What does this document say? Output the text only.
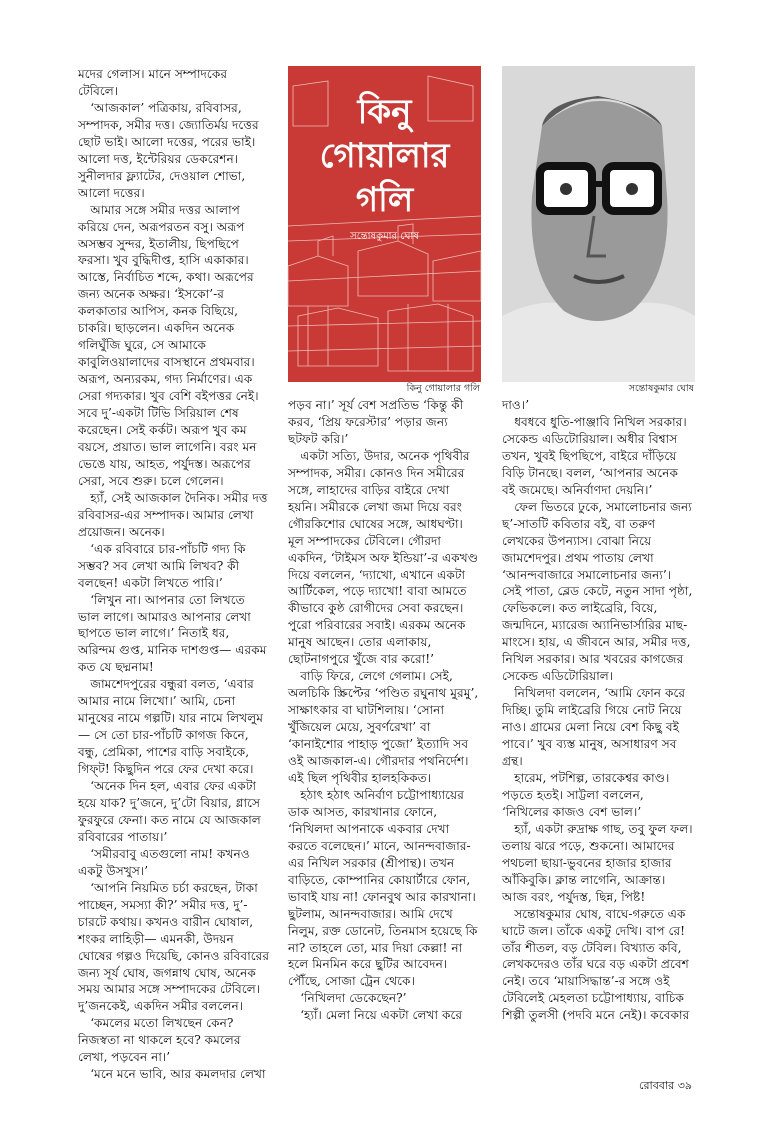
মদের গেলাস। মানে সম্পাদকের টেবিলে।

‘আজকাল’ পত্রিকায়, রবিবাসর, সম্পাদক, সমীর দত্ত। জ্যোতির্ময় দত্তের ছোট ভাই। আলো দত্তের, পরের ভাই। আলো দত্ত, ইন্টেরিয়র ডেকরেশন। সুনীলদার ফ্ল্যাটের, দেওয়াল শোভা, আলো দত্তের।

আমার সঙ্গে সমীর দত্তর আলাপ করিয়ে দেন, অরূপরতন বসু। অরূপ অসম্ভব সুন্দর, ইতালীয়, ছিপছিপে ফরসা। খুব বুদ্ধিদীপ্ত, হাসি একাকার। আস্তে, নির্বাচিত শব্দে, কথা। অরূপের জন্য অনেক অক্ষর। ‘ইসকো’-র কলকাতার আপিস, কনক বিছিয়ে, চাকরি। ছাড়লেন। একদিন অনেক গলিঘুঁজি ঘুরে, সে আমাকে কাবুলিওয়ালাদের বাসস্থানে প্রথমবার। অরূপ, অন্যরকম, গদ্য নির্মাণের। এক সেরা গদ্যকার। খুব বেশি বইপত্তর নেই। সবে দু’-একটা টিভি সিরিয়াল শেষ করেছেন। সেই কর্কট। অরূপ খুব কম বয়সে, প্রয়াত। ভাল লাগেনি। বরং মন ভেঙে যায়, আহত, পর্যুদস্ত। অরূপের সেরা, সবে শুরু। চলে গেলেন।

হ্যাঁ, সেই আজকাল দৈনিক। সমীর দত্ত রবিবাসর-এর সম্পাদক। আমার লেখা প্রয়োজন। অনেক।

‘এক রবিবারে চার-পাঁচটি গদ্য কি সম্ভব? সব লেখা আমি লিখব? কী বলছেন! একটা লিখতে পারি।’

‘লিখুন না। আপনার তো লিখতে ভাল লাগে। আমারও আপনার লেখা ছাপতে ভাল লাগে।’ নিতাই ধর, অরিন্দম গুপ্ত, মানিক দাশগুপ্ত— এরকম কত যে ছদ্মনাম!

জামশেদপুরের বন্ধুরা বলত, ‘এবার আমার নামে লিখো।’ আমি, চেনা মানুষের নামে গল্পটি। যার নামে লিখলুম— সে তো চার-পাঁচটি কাগজ কিনে, বন্ধু, প্রেমিকা, পাশের বাড়ি সবাইকে, গিফ্‌ট! কিছুদিন পরে ফের দেখা করে।

‘অনেক দিন হল, এবার ফের একটা হয়ে যাক? দু’জনে, দু’টো বিয়ার, গ্লাসে ফুরফুরে ফেনা। কত নামে যে আজকাল রবিবারের পাতায়।’

‘সমীরবাবু এতগুলো নাম! কখনও একটু উসখুস।’

‘আপনি নিয়মিত চর্চা করছেন, টাকা পাচ্ছেন, সমস্যা কী?’ সমীর দত্ত, দু’-চারটে কথায়। কখনও বারীন ঘোষাল, শংকর লাহিড়ী— এমনকী, উদয়ন ঘোষের গল্পও দিয়েছি, কোনও রবিবারের জন্য সূর্য ঘোষ, জগন্নাথ ঘোষ, অনেক সময় আমার সঙ্গে সম্পাদকের টেবিলে। দু’জনকেই, একদিন সমীর বললেন।

‘কমলের মতো লিখছেন কেন? নিজস্বতা না থাকলে হবে? কমলের লেখা, পড়বেন না।’

‘মনে মনে ভাবি, আর কমলদার লেখা

কিনু
গোয়ালার
গলি
সন্তোষকুমার ঘোষ
কিনু গোয়ালার গলি	সন্তোষকুমার ঘোষ

পড়ব না।’ সূর্য বেশ সপ্রতিভ ‘কিন্তু কী করব, ‘প্রিয় ফরেস্টার’ পড়ার জন্য ছটফট করি।’

একটা সত্যি, উদার, অনেক পৃথিবীর সম্পাদক, সমীর। কোনও দিন সমীরের সঙ্গে, লাহাদের বাড়ির বাইরে দেখা হয়নি। সমীরকে লেখা জমা দিয়ে বরং গৌরকিশোর ঘোষের সঙ্গে, আধঘণ্টা। মূল সম্পাদকের টেবিলে। গৌরদা একদিন, ‘টাইমস অফ ইন্ডিয়া’-র একখণ্ড দিয়ে বললেন, ‘দ্যাখো, এখানে একটা আর্টিকেল, পড়ে দ্যাখো! বাবা আমতে কীভাবে কুষ্ঠ রোগীদের সেবা করছেন। পুরো পরিবারের সবাই। এরকম অনেক মানুষ আছেন। তোর এলাকায়, ছোটনাগপুরে খুঁজে বার করো!’

বাড়ি ফিরে, লেগে গেলাম। সেই, অলচিকি স্ক্রিপ্টের ‘পণ্ডিত রঘুনাথ মুরমু’, সাক্ষাৎকার বা ঘাটশিলায়। ‘সোনা খুঁজিয়েল মেয়ে, সুবর্ণরেখা’ বা ‘কানাইশোর পাহাড় পুজো’ ইত্যাদি সব ওই আজকাল-এ। গৌরদার পথনির্দেশ। এই ছিল পৃথিবীর হালহকিকত।

হঠাৎ হঠাৎ অনির্বাণ চট্টোপাধ্যায়ের ডাক আসত, কারখানার ফোনে, ‘নিখিলদা আপনাকে একবার দেখা করতে বলেছেন।’ মানে, আনন্দবাজার-এর নিখিল সরকার (শ্রীপান্থ)। তখন বাড়িতে, কোম্পানির কোয়ার্টারে ফোন, ভাবাই যায় না! ফোনবুথ আর কারখানা। ছুটলাম, আনন্দবাজার। আমি দেখে নিলুম, রক্ত ডোনেট, তিনমাস হয়েছে কি না? তাহলে তো, মার দিয়া কেল্লা! না হলে মিনমিন করে ছুটির আবেদন। পৌঁছে, সোজা ট্রেন থেকে।

‘নিখিলদা ডেকেছেন?’

‘হ্যাঁ। মেলা নিয়ে একটা লেখা করে

দাও।’

ধবধবে ধুতি-পাঞ্জাবি নিখিল সরকার। সেকেন্ড এডিটোরিয়াল। অধীর বিশ্বাস তখন, খুবই ছিপছিপে, বাইরে দাঁড়িয়ে বিড়ি টানছে। বলল, ‘আপনার অনেক বই জমেছে। অনির্বাণদা দেয়নি।’

ফেল ভিতরে ঢুকে, সমালোচনার জন্য ছ’-সাতটি কবিতার বই, বা তরুণ লেখকের উপন্যাস। বোঝা নিয়ে জামশেদপুর। প্রথম পাতায় লেখা ‘আনন্দবাজারে সমালোচনার জন্য’। সেই পাতা, ব্লেড কেটে, নতুন সাদা পৃষ্ঠা, ফেভিকলে। কত লাইব্রেরি, বিয়ে, জন্মদিনে, ম্যারেজ অ্যানিভার্সারির মাছ-মাংসে। হায়, এ জীবনে আর, সমীর দত্ত, নিখিল সরকার। আর খবরের কাগজের সেকেন্ড এডিটোরিয়াল।

নিখিলদা বললেন, ‘আমি ফোন করে দিচ্ছি। তুমি লাইব্রেরি গিয়ে নোট নিয়ে নাও। গ্রামের মেলা নিয়ে বেশ কিছু বই পাবে।’ খুব ব্যস্ত মানুষ, অসাধারণ সব গ্রন্থ।

হারেম, পটশিল্প, তারকেশ্বর কাণ্ড। পড়তে হতই। সাট্টলা বললেন, ‘নিখিলের কাজও বেশ ভাল।’

হ্যাঁ, একটা রুদ্রাক্ষ গাছ, তবু ফুল ফল। তলায় ঝরে পড়ে, শুকনো। আমাদের পথচলা ছায়া-ভুবনের হাজার হাজার আঁকিবুকি। ক্লান্ত লাগেনি, আক্রান্ত। আজ বরং, পর্যুদস্ত, ছিন্ন, পিষ্ট!

সন্তোষকুমার ঘোষ, বাঘে-গরুতে এক ঘাটে জল। তাঁকে একটু দেখি। বাপ রে! তাঁর শীতল, বড় টেবিল। বিখ্যাত কবি, লেখকদেরও তাঁর ঘরে বড় একটা প্রবেশ নেই। তবে ‘মায়াসিদ্ধান্ত’-র সঙ্গে ওই টেবিলেই মেহলতা চট্টোপাধ্যায়, বাচিক শিল্পী তুলসী (পদবি মনে নেই)। কবেকার

রোববার ৩৯
